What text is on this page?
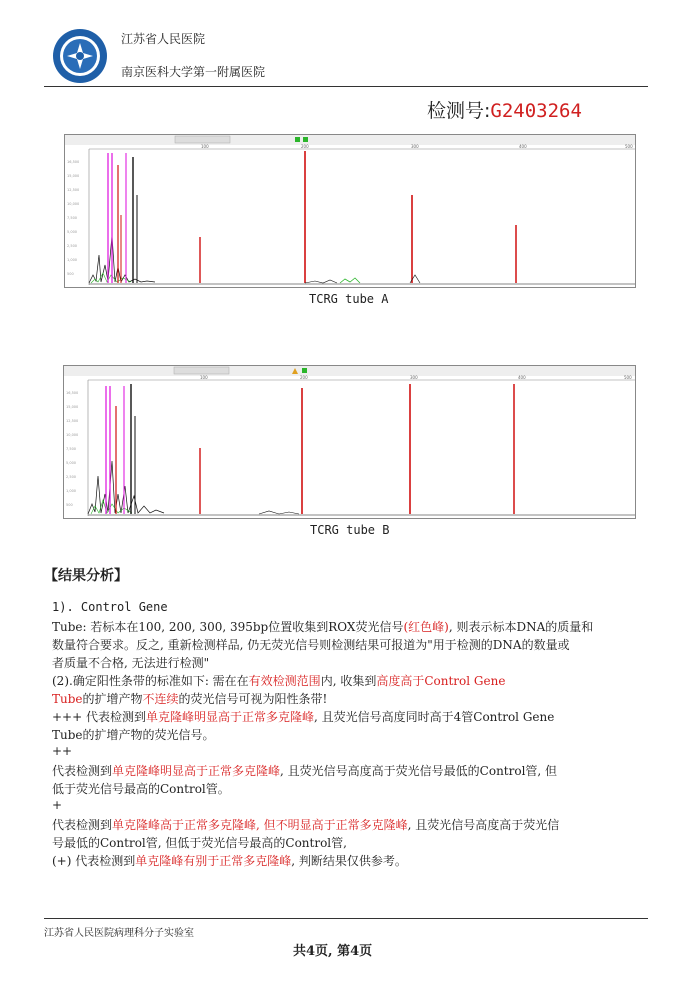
江苏省人民医院
南京医科大学第一附属医院
检测号:G2403264
100	200	300	400	500
16,500
15,000
12,500
10,000
7,500
5,000
2,500
1,000
500
TCRG tube A
100	200	300	400	500
16,500
15,000
12,500
10,000
7,500
5,000
2,500
1,000
500
TCRG tube B
【结果分析】
1). Control Gene
Tube: 若标本在100, 200, 300, 395bp位置收集到ROX荧光信号(红色峰), 则表示标本DNA的质量和
数量符合要求。反之, 重新检测样品, 仍无荧光信号则检测结果可报道为"用于检测的DNA的数量或
者质量不合格, 无法进行检测"
(2).确定阳性条带的标准如下: 需在在有效检测范围内, 收集到高度高于Control Gene
Tube的扩增产物不连续的荧光信号可视为阳性条带!
+++ 代表检测到单克隆峰明显高于正常多克隆峰, 且荧光信号高度同时高于4管Control Gene
Tube的扩增产物的荧光信号。
++
代表检测到单克隆峰明显高于正常多克隆峰, 且荧光信号高度高于荧光信号最低的Control管, 但
低于荧光信号最高的Control管。
+
代表检测到单克隆峰高于正常多克隆峰, 但不明显高于正常多克隆峰, 且荧光信号高度高于荧光信
号最低的Control管, 但低于荧光信号最高的Control管,
(+) 代表检测到单克隆峰有别于正常多克隆峰, 判断结果仅供参考。
江苏省人民医院病理科分子实验室
共4页, 第4页
